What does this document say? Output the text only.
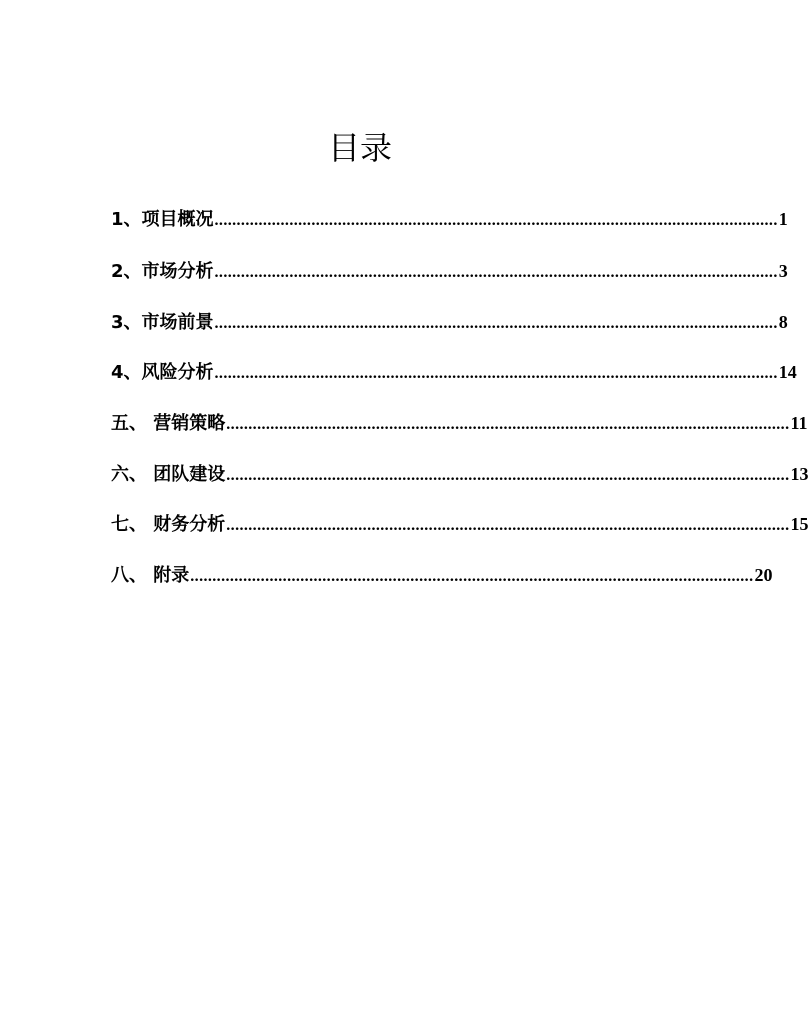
目录
1、项目概况 ................................................................................................................................ 1
2、市场分析 ................................................................................................................................ 3
3、市场前景 ................................................................................................................................ 8
4、风险分析 ................................................................................................................................ 14
五、 营销策略 ................................................................................................................................ 11
六、 团队建设 ................................................................................................................................ 13
七、 财务分析 ................................................................................................................................ 15
八、 附录 ................................................................................................................................ 20
